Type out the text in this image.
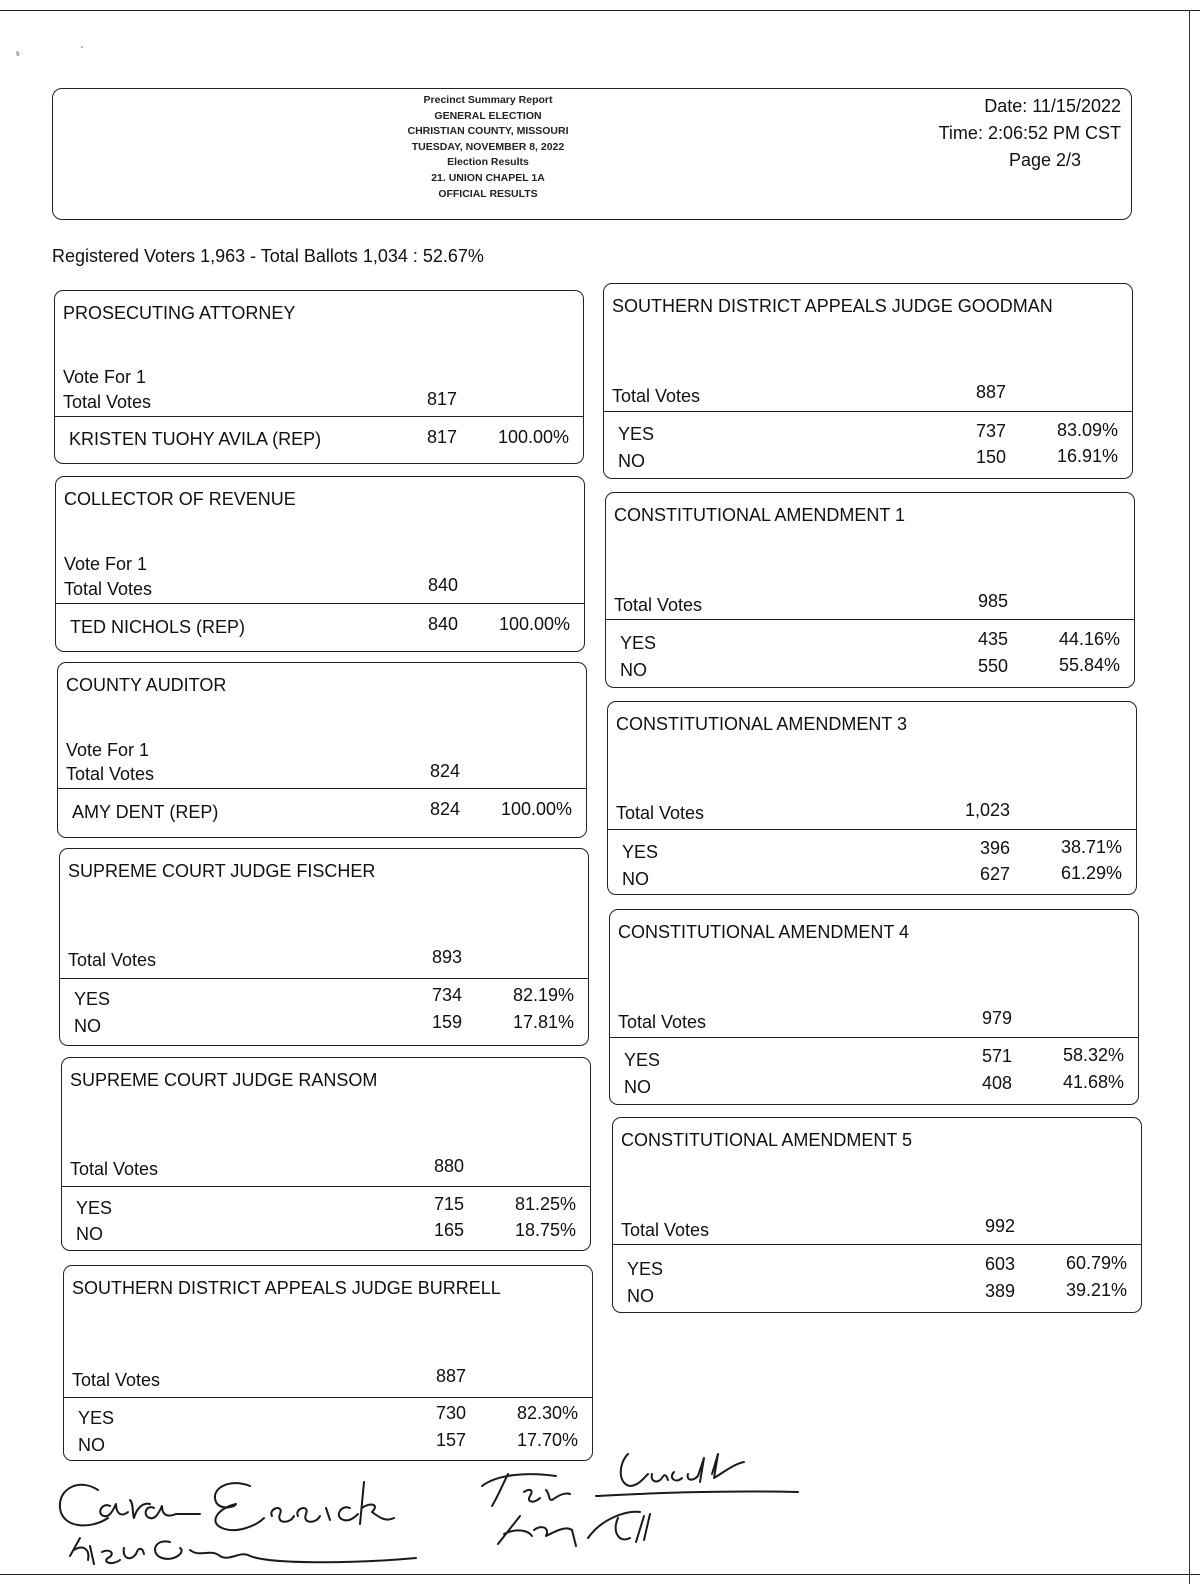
ˢ
ˏ
Precinct Summary Report
GENERAL ELECTION
CHRISTIAN COUNTY, MISSOURI
TUESDAY, NOVEMBER 8, 2022
Election Results
21. UNION CHAPEL 1A
OFFICIAL RESULTS
Date: 11/15/2022
Time: 2:06:52 PM CST
Page 2/3
Registered Voters 1,963 - Total Ballots 1,034 : 52.67%
PROSECUTING ATTORNEY
Vote For 1
Total Votes	817
KRISTEN TUOHY AVILA (REP)	817	100.00%
COLLECTOR OF REVENUE
Vote For 1
Total Votes	840
TED NICHOLS (REP)	840	100.00%
COUNTY AUDITOR
Vote For 1
Total Votes	824
AMY DENT (REP)	824	100.00%
SUPREME COURT JUDGE FISCHER
Total Votes	893
YES	734	82.19%
NO	159	17.81%
SUPREME COURT JUDGE RANSOM
Total Votes	880
YES	715	81.25%
NO	165	18.75%
SOUTHERN DISTRICT APPEALS JUDGE BURRELL
Total Votes	887
YES	730	82.30%
NO	157	17.70%
SOUTHERN DISTRICT APPEALS JUDGE GOODMAN
Total Votes	887
YES	737	83.09%
NO	150	16.91%
CONSTITUTIONAL AMENDMENT 1
Total Votes	985
YES	435	44.16%
NO	550	55.84%
CONSTITUTIONAL AMENDMENT 3
Total Votes	1,023
YES	396	38.71%
NO	627	61.29%
CONSTITUTIONAL AMENDMENT 4
Total Votes	979
YES	571	58.32%
NO	408	41.68%
CONSTITUTIONAL AMENDMENT 5
Total Votes	992
YES	603	60.79%
NO	389	39.21%
